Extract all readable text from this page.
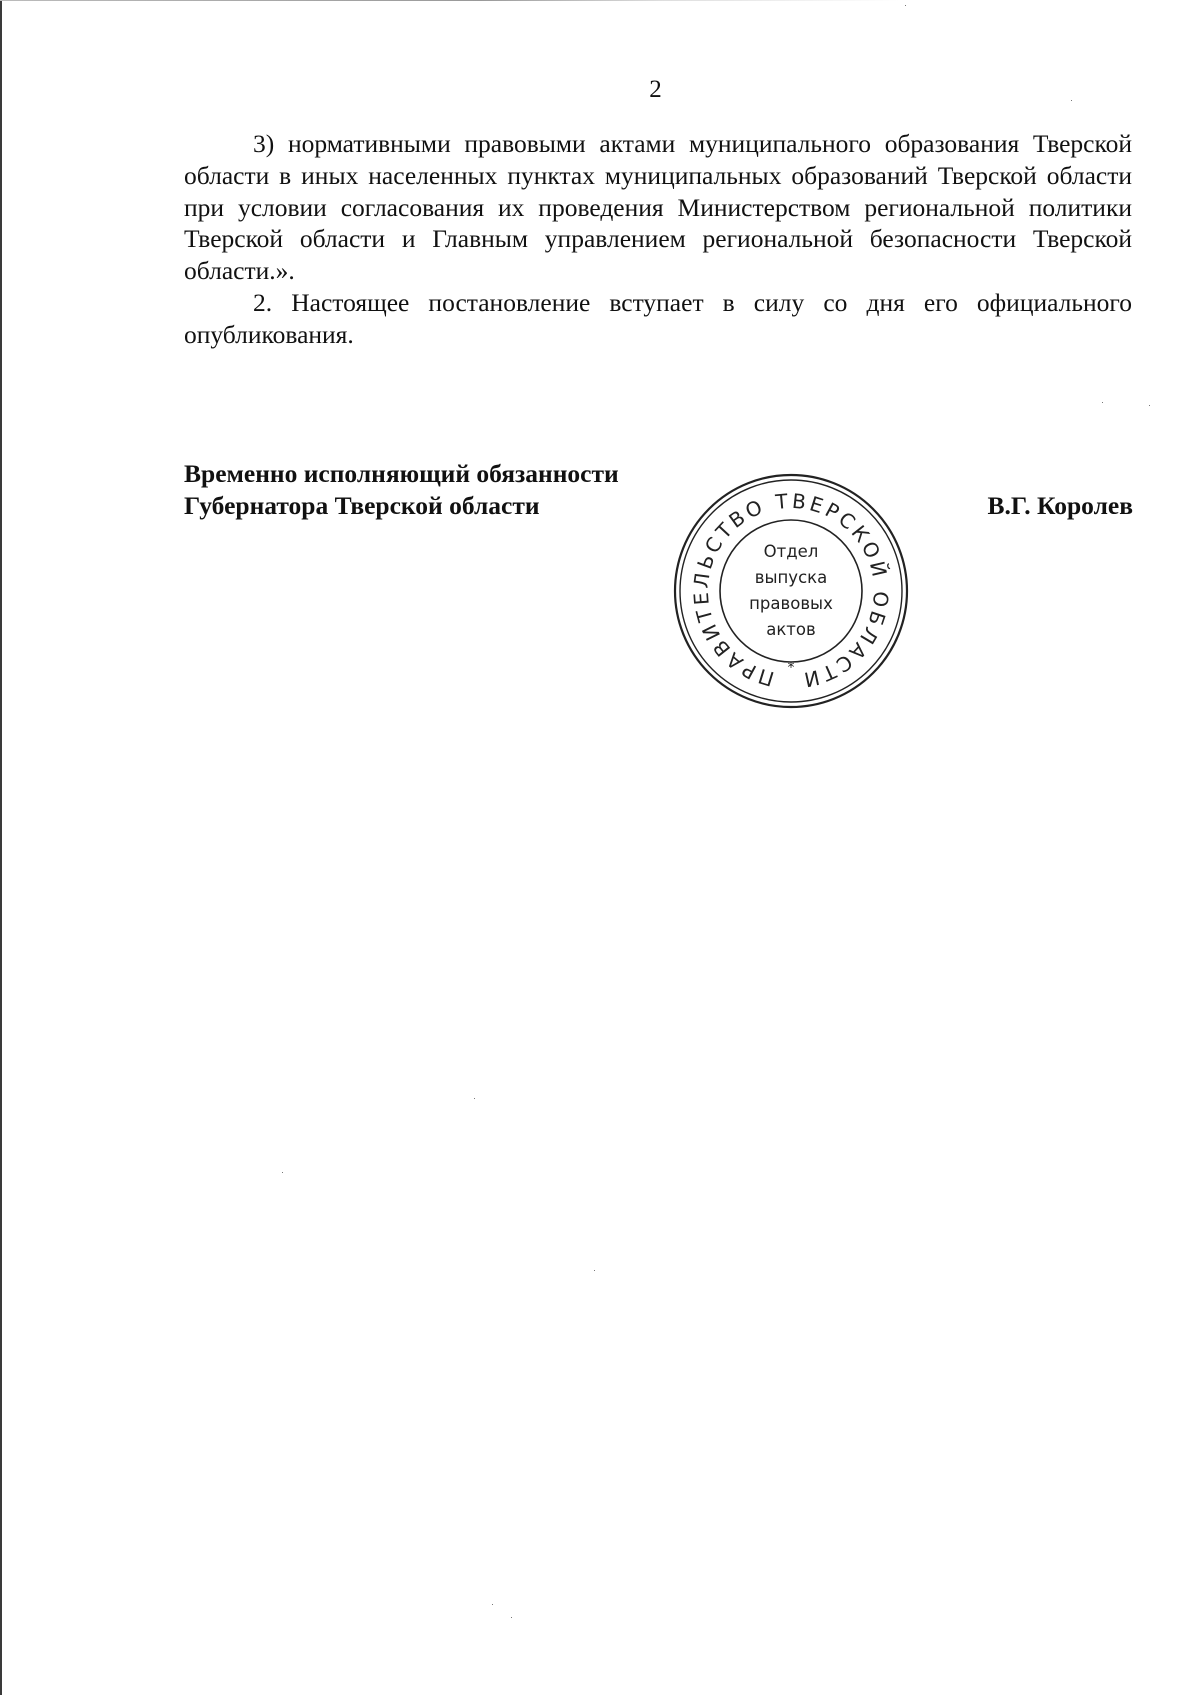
2

3) нормативными правовыми актами муниципального образования Тверской области в иных населенных пунктах муниципальных образований Тверской области при условии согласования их проведения Министерством региональной политики Тверской области и Главным управлением региональной безопасности Тверской области.».

2. Настоящее постановление вступает в силу со дня его официального опубликования.

Временно исполняющий обязанности
Губернатора Тверской области	В.Г. Королев
ПРАВИТЕЛЬСТВО ТВЕРСКОЙ ОБЛАСТИ
*
Отдел
выпуска
правовых
актов
